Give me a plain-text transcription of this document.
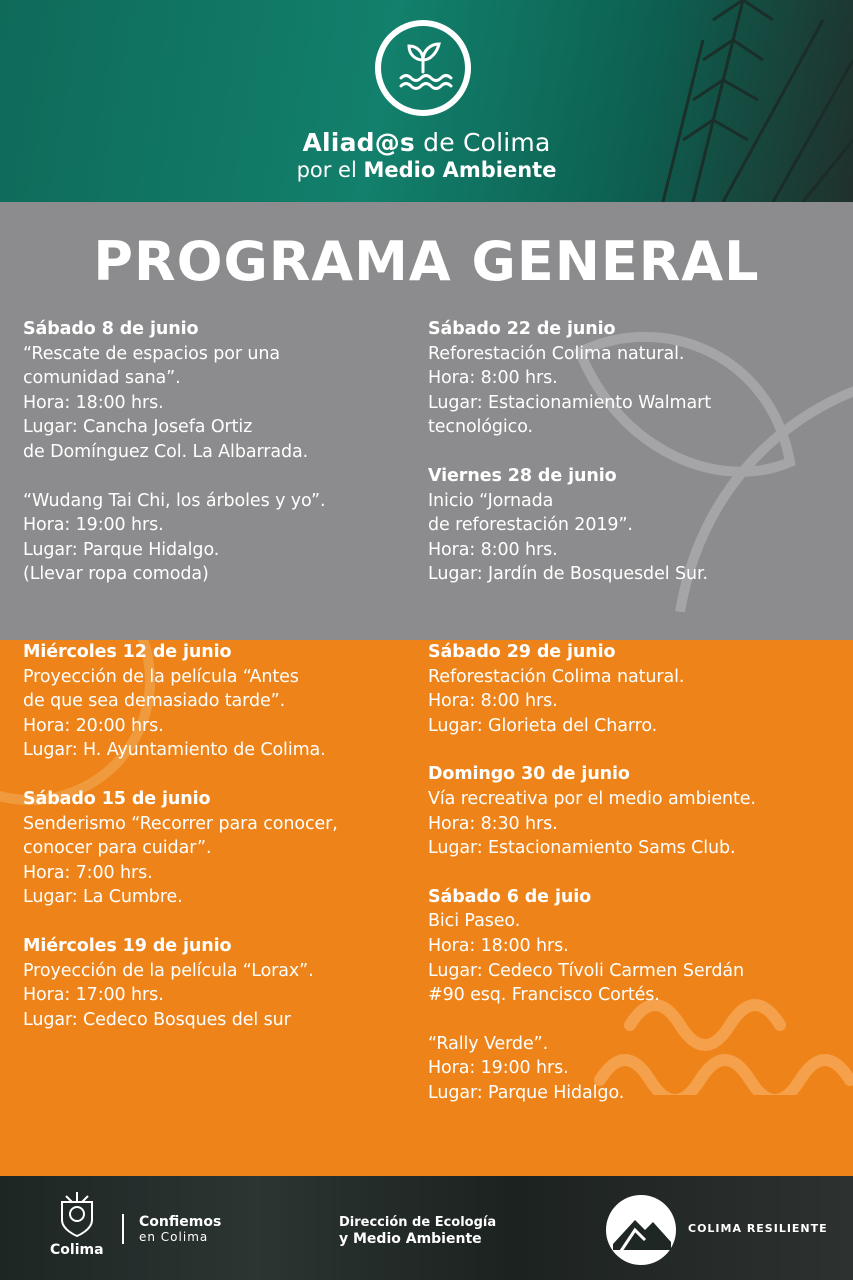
Aliad@s de Colima
por el Medio Ambiente
PROGRAMA GENERAL
Sábado 8 de junio
“Rescate de espacios por una
comunidad sana”.
Hora: 18:00 hrs.
Lugar: Cancha Josefa Ortiz
de Domínguez Col. La Albarrada.
“Wudang Tai Chi, los árboles y yo”.
Hora: 19:00 hrs.
Lugar: Parque Hidalgo.
(Llevar ropa comoda)
Sábado 22 de junio
Reforestación Colima natural.
Hora: 8:00 hrs.
Lugar: Estacionamiento Walmart
tecnológico.
Viernes 28 de junio
Inicio “Jornada
de reforestación 2019”.
Hora: 8:00 hrs.
Lugar: Jardín de Bosquesdel Sur.
Miércoles 12 de junio
Proyección de la película “Antes
de que sea demasiado tarde”.
Hora: 20:00 hrs.
Lugar: H. Ayuntamiento de Colima.
Sábado 15 de junio
Senderismo “Recorrer para conocer,
conocer para cuidar”.
Hora: 7:00 hrs.
Lugar: La Cumbre.
Miércoles 19 de junio
Proyección de la película “Lorax”.
Hora: 17:00 hrs.
Lugar: Cedeco Bosques del sur
Sábado 29 de junio
Reforestación Colima natural.
Hora: 8:00 hrs.
Lugar: Glorieta del Charro.
Domingo 30 de junio
Vía recreativa por el medio ambiente.
Hora: 8:30 hrs.
Lugar: Estacionamiento Sams Club.
Sábado 6 de juio
Bici Paseo.
Hora: 18:00 hrs.
Lugar: Cedeco Tívoli Carmen Serdán
#90 esq. Francisco Cortés.
“Rally Verde”.
Hora: 19:00 hrs.
Lugar: Parque Hidalgo.
Colima
Confiemos
en Colima
Dirección de Ecología
y Medio Ambiente
COLIMA RESILIENTE
